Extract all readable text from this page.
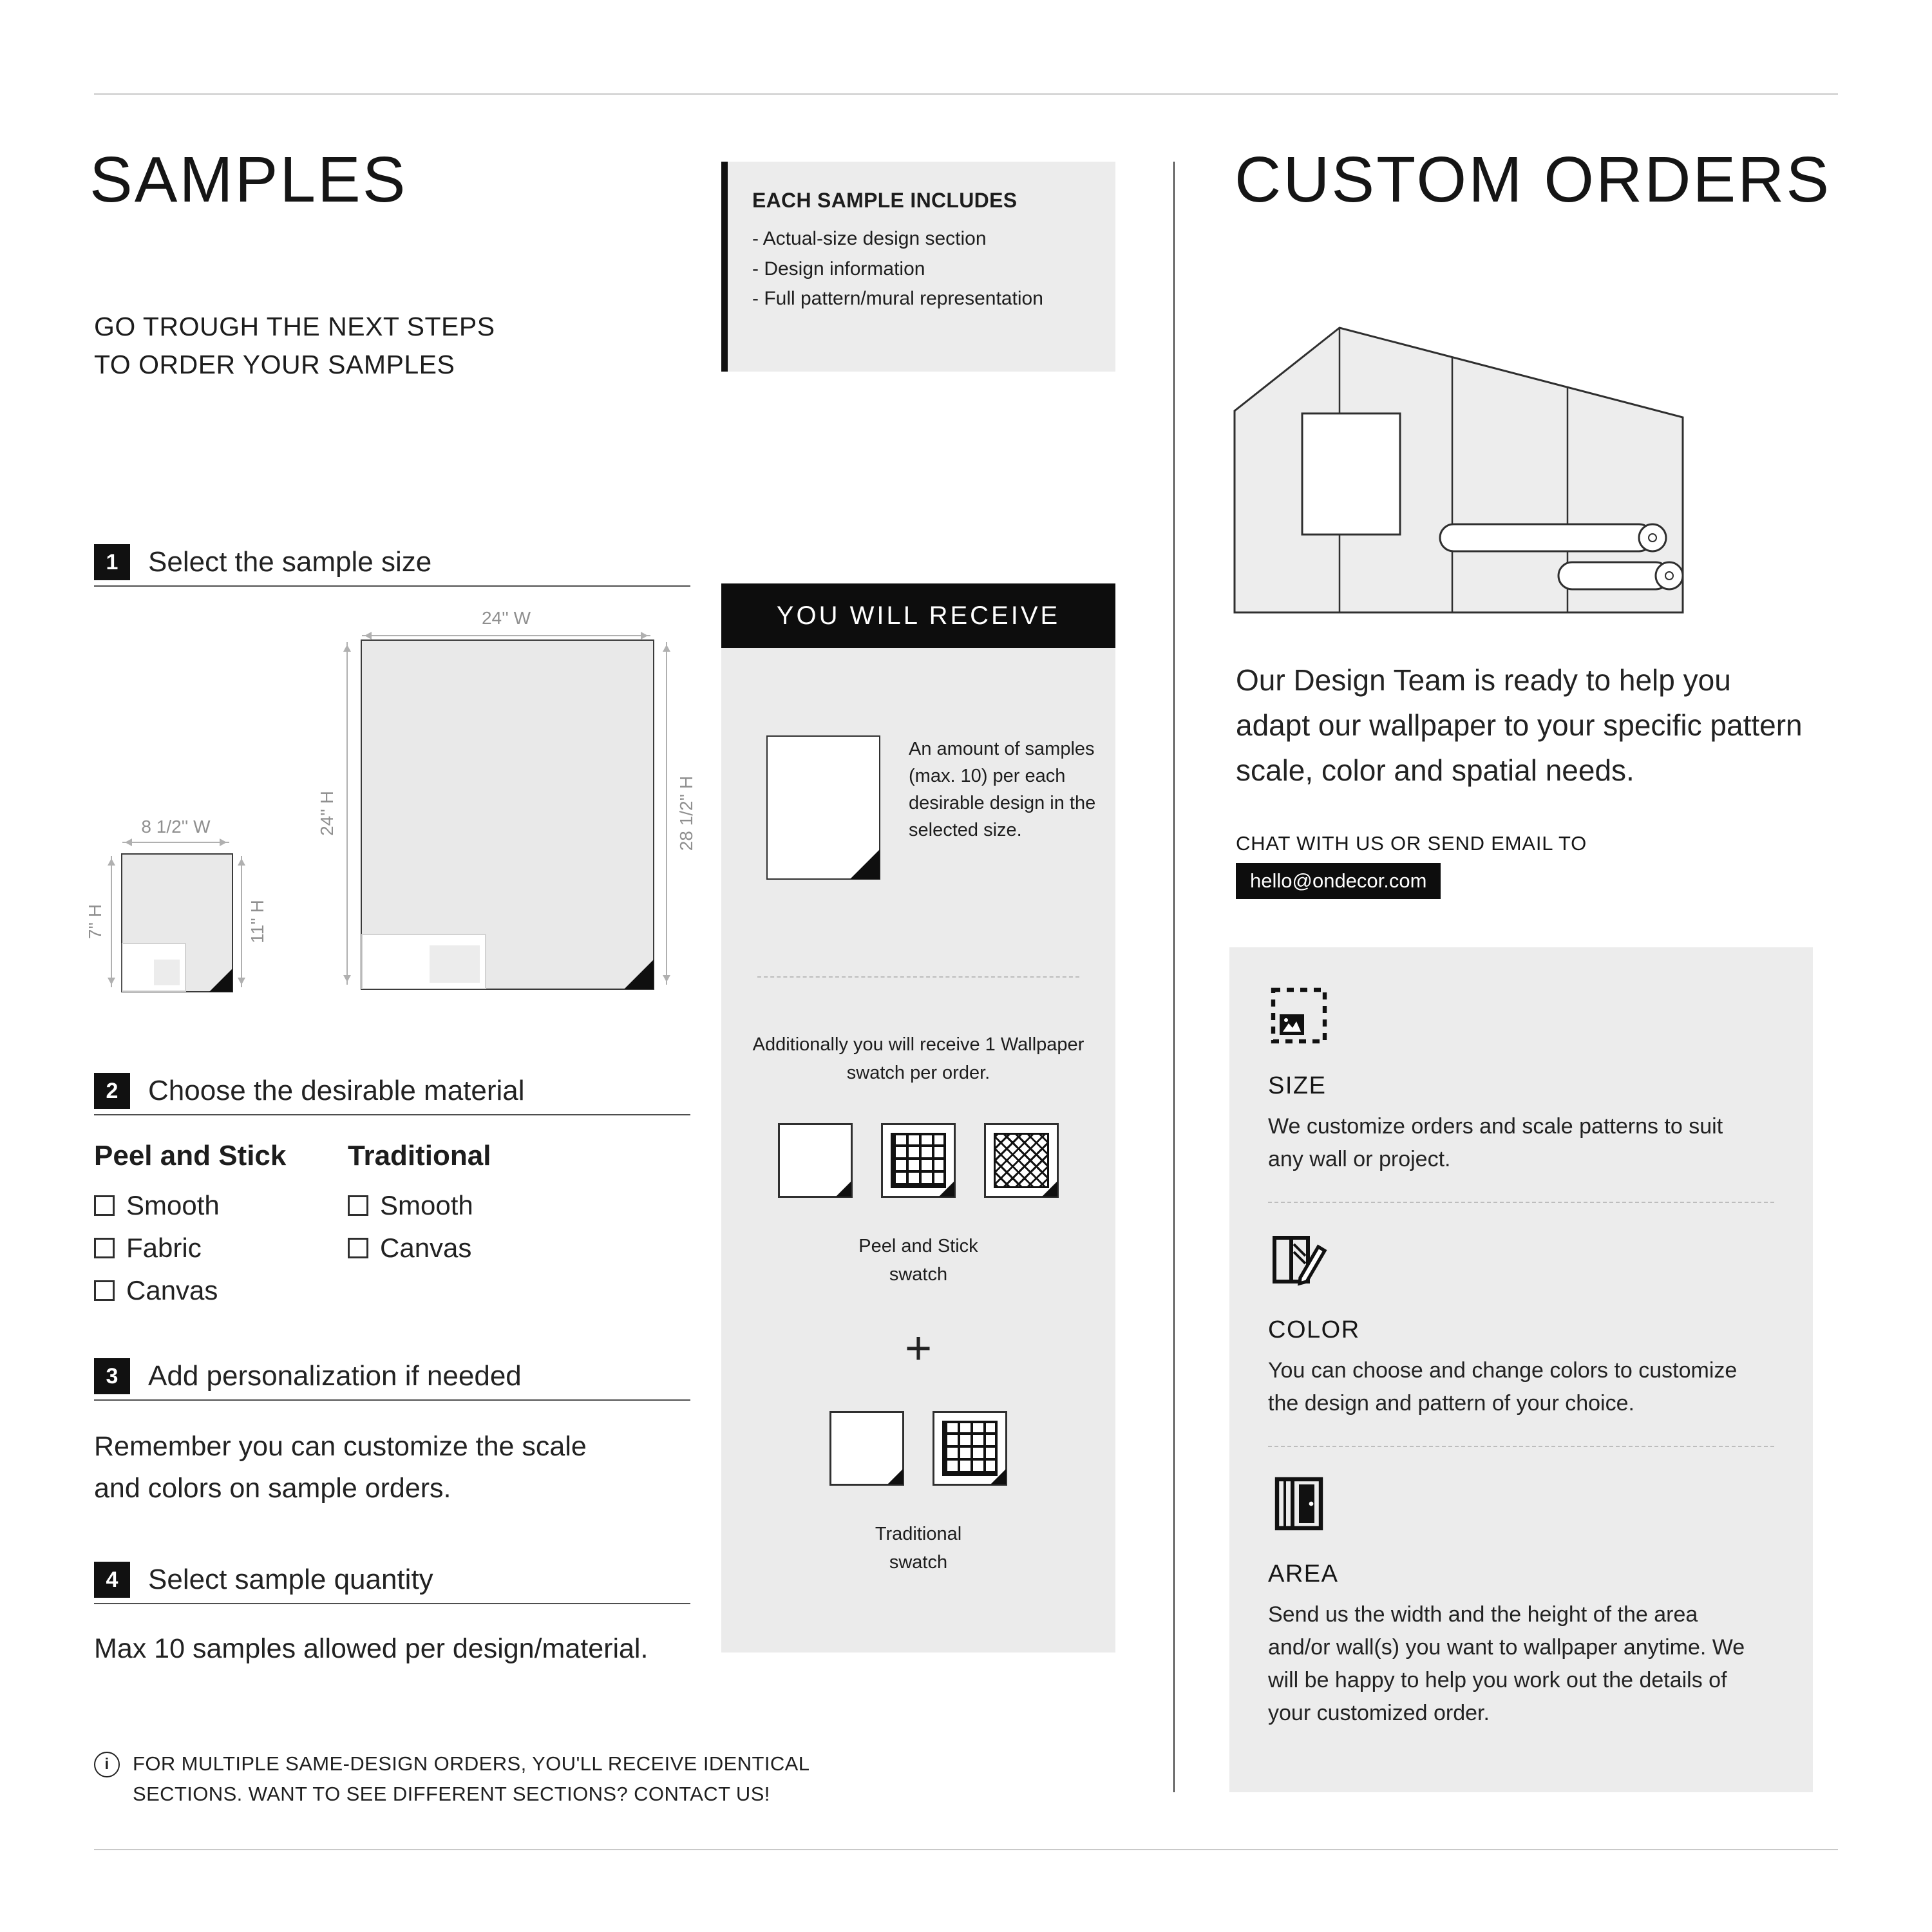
SAMPLES
GO TROUGH THE NEXT STEPS
TO ORDER YOUR SAMPLES
1	Select the sample size
24'' W
24'' H	28 1/2'' H
8 1/2'' W
7'' H	11'' H
2	Choose the desirable material
Peel and Stick
Smooth
Fabric
Canvas
Traditional
Smooth
Canvas
3	Add personalization if needed
Remember you can customize the scale and colors on sample orders.
4	Select sample quantity
Max 10 samples allowed per design/material.
i	FOR MULTIPLE SAME-DESIGN ORDERS, YOU'LL RECEIVE IDENTICAL
SECTIONS. WANT TO SEE DIFFERENT SECTIONS? CONTACT US!

EACH SAMPLE INCLUDES

- Actual-size design section
- Design information
- Full pattern/mural representation
YOU WILL RECEIVE
An amount of samples (max. 10) per each desirable design in the selected size.
Additionally you will receive 1 Wallpaper swatch per order.
Peel and Stick
swatch
+
Traditional
swatch
CUSTOM ORDERS
Our Design Team is ready to help you adapt our wallpaper to your specific pattern scale, color and spatial needs.
CHAT WITH US OR SEND EMAIL TO
hello@ondecor.com
SIZE
We customize orders and scale patterns to suit any wall or project.
COLOR
You can choose and change colors to customize the design and pattern of your choice.
AREA
Send us the width and the height of the area and/or wall(s) you want to wallpaper anytime. We will be happy to help you work out the details of your customized order.
